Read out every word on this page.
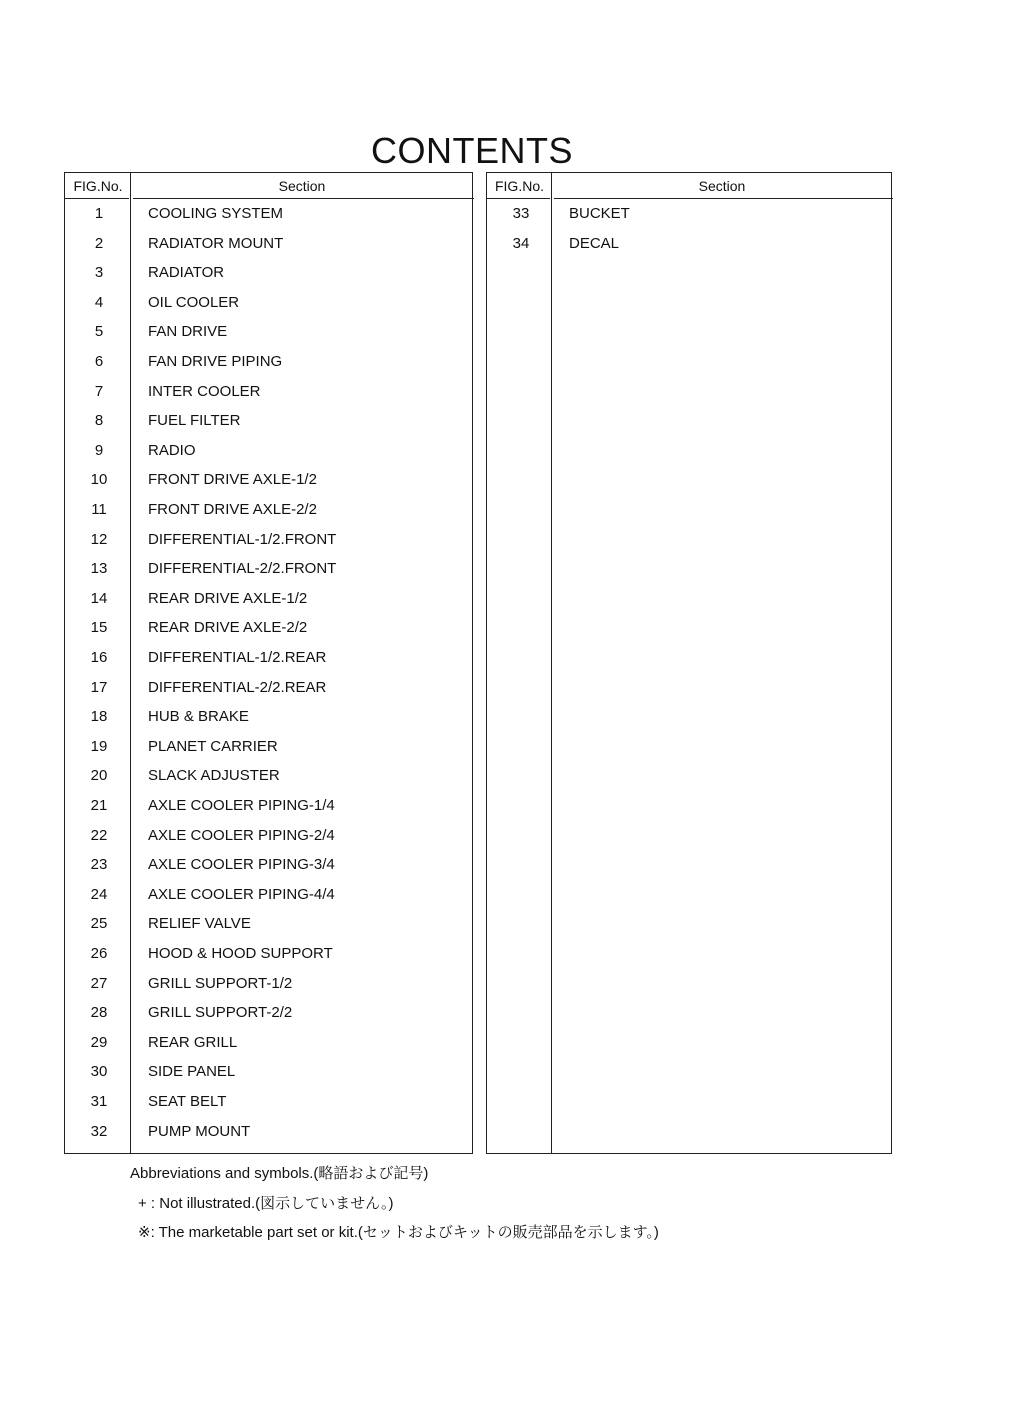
CONTENTS
FIG.No.	Section	FIG.No.	Section
1	COOLING SYSTEM
2	RADIATOR MOUNT
3	RADIATOR
4	OIL COOLER
5	FAN DRIVE
6	FAN DRIVE PIPING
7	INTER COOLER
8	FUEL FILTER
9	RADIO
10	FRONT DRIVE AXLE-1/2
11	FRONT DRIVE AXLE-2/2
12	DIFFERENTIAL-1/2.FRONT
13	DIFFERENTIAL-2/2.FRONT
14	REAR DRIVE AXLE-1/2
15	REAR DRIVE AXLE-2/2
16	DIFFERENTIAL-1/2.REAR
17	DIFFERENTIAL-2/2.REAR
18	HUB & BRAKE
19	PLANET CARRIER
20	SLACK ADJUSTER
21	AXLE COOLER PIPING-1/4
22	AXLE COOLER PIPING-2/4
23	AXLE COOLER PIPING-3/4
24	AXLE COOLER PIPING-4/4
25	RELIEF VALVE
26	HOOD & HOOD SUPPORT
27	GRILL SUPPORT-1/2
28	GRILL SUPPORT-2/2
29	REAR GRILL
30	SIDE PANEL
31	SEAT BELT
32	PUMP MOUNT
33	BUCKET
34	DECAL
Abbreviations and symbols.(略語および記号)
+ : Not illustrated.(図示していません。)
※: The marketable part set or kit.(セットおよびキットの販売部品を示します。)
